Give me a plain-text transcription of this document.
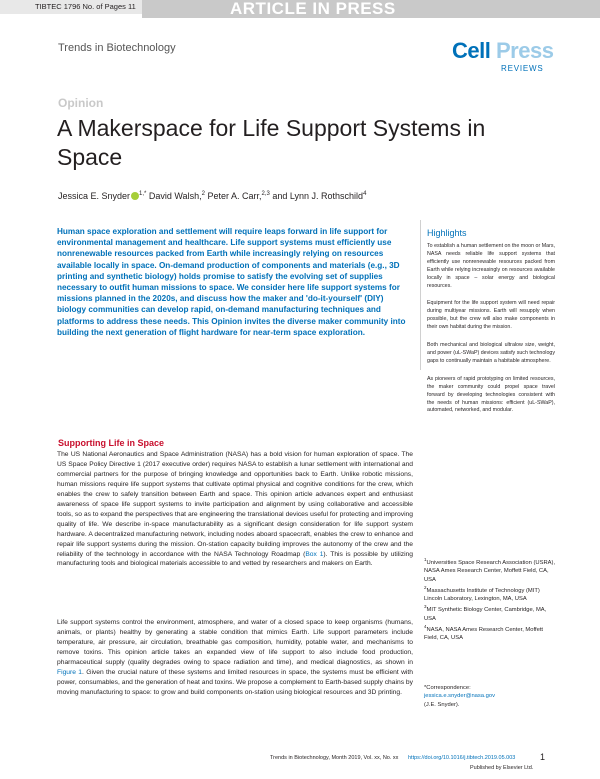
TIBTEC 1796 No. of Pages 11	ARTICLE IN PRESS
Trends in Biotechnology	Cell Press
REVIEWS
Opinion
A Makerspace for Life Support Systems in Space
Jessica E. Snyder $^{1,*}$ David Walsh,$^2$ Peter A. Carr,$^{2,3}$ and Lynn J. Rothschild$^4$

Human space exploration and settlement will require leaps forward in life support for environmental management and healthcare. Life support systems must efficiently use nonrenewable resources packed from Earth while increasingly relying on resources available locally in space. On-demand production of components and materials (e.g., 3D printing and synthetic biology) holds promise to satisfy the evolving set of supplies necessary to outfit human missions to space. We consider here life support systems for missions planned in the 2020s, and discuss how the maker and 'do-it-yourself' (DIY) biology communities can develop rapid, on-demand manufacturing techniques and platforms to address these needs. This Opinion invites the diverse maker community into building the next generation of flight hardware for near-term space exploration.

Highlights

To establish a human settlement on the moon or Mars, NASA needs reliable life support systems that efficiently use nonrenewable resources packed from Earth while relying increasingly on resources available locally in space – solar energy and biological resources.

Equipment for the life support system will need repair during multiyear missions. Earth will resupply when possible, but the crew will also make components in their own habitat during the mission.

Both mechanical and biological ultralow size, weight, and power (uL-SWaP) devices satisfy such technology gaps to continually maintain a habitable atmosphere.

As pioneers of rapid prototyping on limited resources, the maker community could propel space travel forward by developing technologies consistent with the needs of human missions: efficient (uL-SWaP), automated, networked, and modular.

Supporting Life in Space

The US National Aeronautics and Space Administration (NASA) has a bold vision for human exploration of space. The US Space Policy Directive 1 (2017 executive order) requires NASA to establish a lunar settlement with international and commercial partners for the purpose of bringing knowledge and opportunities back to Earth. Unlike robotic missions, human missions require life support systems that cultivate optimal physical and cognitive conditions for the crew, which enables the crew to safely transition between Earth and space. This opinion article advances expert and enthusiast awareness of space life support systems to invite participation and alignment by using collaborative and accessible tools, so as to expand the perspectives that are engineering the translational devices useful for protecting and improving quality of life. We describe in-space manufacturability as a significant design consideration for life support system hardware. A decentralized manufacturing network, including nodes aboard spacecraft, enables the crew to enhance and repair life support systems during the mission. On-station capacity building improves the autonomy of the crew and the reliability of the technology in accordance with the NASA Technology Roadmap (Box 1). This is possible by utilizing manufacturing tools and biological materials accessible to and vetted by researchers and makers on Earth.

Life support systems control the environment, atmosphere, and water of a closed space to keep organisms (humans, animals, or plants) healthy by generating a stable condition that mimics Earth. Life support parameters include temperature, air pressure, air circulation, breathable gas composition, humidity, potable water, and mechanisms to remove toxins. This opinion article takes an expanded view of life support to also include food production, pharmaceutical supply (quality degrades owing to space radiation and time), and medical diagnostics, as shown in Figure 1. Given the crucial nature of these systems and limited resources in space, the systems must be efficient with power, consumables, and the generation of heat and toxins. We propose a complement to Earth-based supply chains by moving manufacturing to space: to grow and build components on-station using biological resources and 3D printing.

$^1$Universities Space Research Association (USRA), NASA Ames Research Center, Moffett Field, CA, USA
$^2$Massachusetts Institute of Technology (MIT) Lincoln Laboratory, Lexington, MA, USA
$^3$MIT Synthetic Biology Center, Cambridge, MA, USA
$^4$NASA, NASA Ames Research Center, Moffett Field, CA, USA
*Correspondence:
jessica.e.snyder@nasa.gov
(J.E. Snyder).
Trends in Biotechnology, Month 2019, Vol. xx, No. xx https://doi.org/10.1016/j.tibtech.2019.05.003	1
Published by Elsevier Ltd.
